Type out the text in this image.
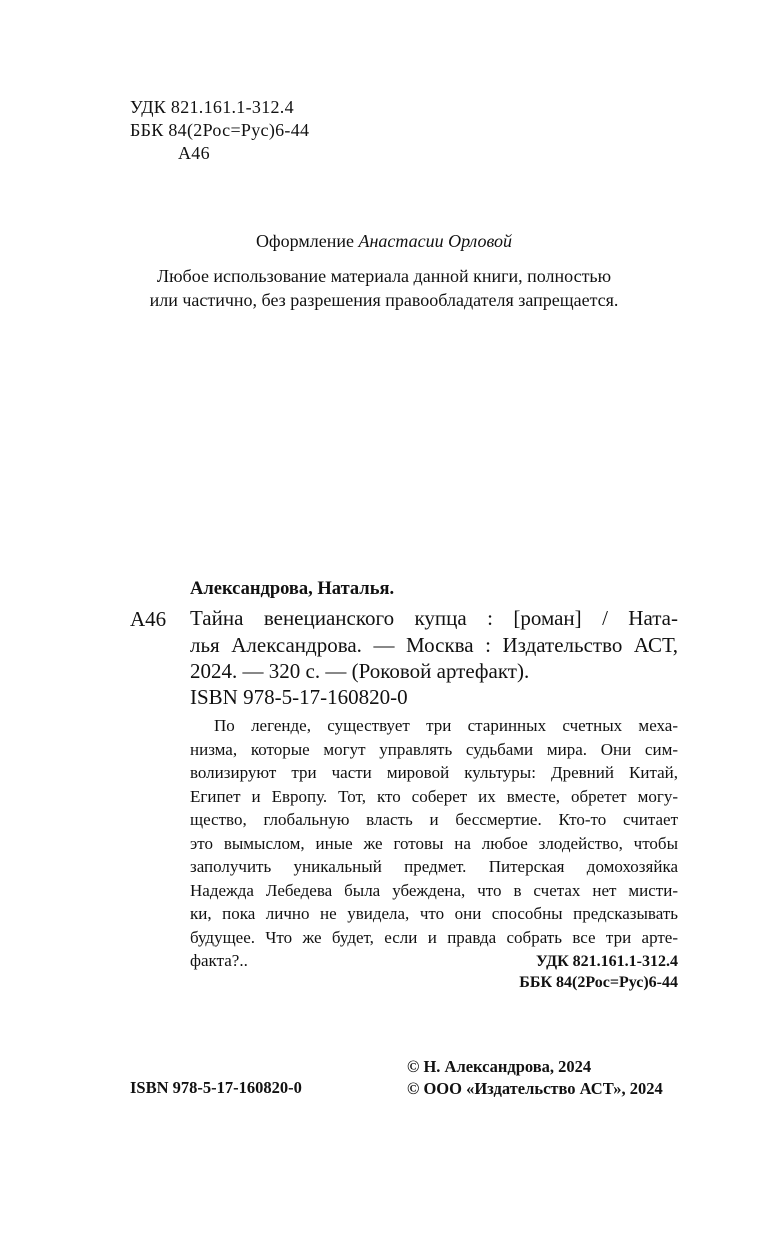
УДК 821.161.1-312.4
ББК 84(2Рос=Рус)6-44
А46
Оформление Анастасии Орловой
Любое использование материала данной книги, полностью
или частично, без разрешения правообладателя запрещается.
Александрова, Наталья.
А46 Тайна венецианского купца : [роман] / Ната-
лья Александрова. — Москва : Издательство АСТ,
2024. — 320 с. — (Роковой артефакт).
ISBN 978-5-17-160820-0
По легенде, существует три старинных счетных меха-
низма, которые могут управлять судьбами мира. Они сим-
волизируют три части мировой культуры: Древний Китай,
Египет и Европу. Тот, кто соберет их вместе, обретет могу-
щество, глобальную власть и бессмертие. Кто-то считает
это вымыслом, иные же готовы на любое злодейство, чтобы
заполучить уникальный предмет. Питерская домохозяйка
Надежда Лебедева была убеждена, что в счетах нет мисти-
ки, пока лично не увидела, что они способны предсказывать
будущее. Что же будет, если и правда собрать все три арте-
факта?..	УДК 821.161.1-312.4
ББК 84(2Рос=Рус)6-44
© Н. Александрова, 2024
© ООО «Издательство АСТ», 2024
ISBN 978-5-17-160820-0
